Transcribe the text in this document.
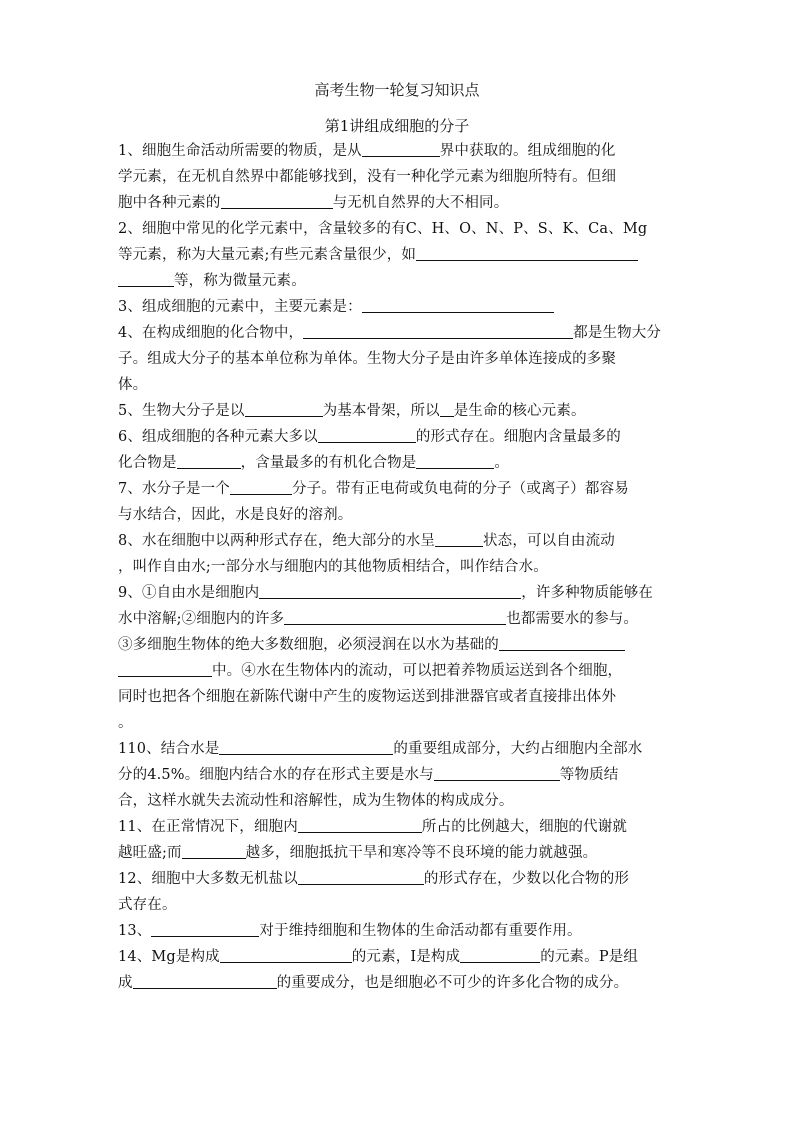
高考生物一轮复习知识点
第1讲组成细胞的分子
1、细胞生命活动所需要的物质，是从	界中获取的。组成细胞的化
学元素，在无机自然界中都能够找到，没有一种化学元素为细胞所特有。但细
胞中各种元素的	与无机自然界的大不相同。
2、细胞中常见的化学元素中，含量较多的有C、H、O、N、P、S、K、Ca、Mg
等元素，称为大量元素;有些元素含量很少，如
等，称为微量元素。
3、组成细胞的元素中，主要元素是：
4、在构成细胞的化合物中，	都是生物大分
子。组成大分子的基本单位称为单体。生物大分子是由许多单体连接成的多聚
体。
5、生物大分子是以	为基本骨架，所以 是生命的核心元素。
6、组成细胞的各种元素大多以	的形式存在。细胞内含量最多的
化合物是	，含量最多的有机化合物是	。
7、水分子是一个	分子。带有正电荷或负电荷的分子（或离子）都容易
与水结合，因此，水是良好的溶剂。
8、水在细胞中以两种形式存在，绝大部分的水呈	状态，可以自由流动
，叫作自由水;一部分水与细胞内的其他物质相结合，叫作结合水。
9、①自由水是细胞内	，许多种物质能够在
水中溶解;②细胞内的许多	也都需要水的参与。
③多细胞生物体的绝大多数细胞，必须浸润在以水为基础的
中。④水在生物体内的流动，可以把着养物质运送到各个细胞，
同时也把各个细胞在新陈代谢中产生的废物运送到排泄器官或者直接排出体外
。
110、结合水是	的重要组成部分，大约占细胞内全部水
分的4.5%。细胞内结合水的存在形式主要是水与	等物质结
合，这样水就失去流动性和溶解性，成为生物体的构成成分。
11、在正常情况下，细胞内	所占的比例越大，细胞的代谢就
越旺盛;而	越多，细胞抵抗干旱和寒冷等不良环境的能力就越强。
12、细胞中大多数无机盐以	的形式存在，少数以化合物的形
式存在。
13、	对于维持细胞和生物体的生命活动都有重要作用。
14、Mg是构成	的元素，I是构成	的元素。P是组
成	的重要成分，也是细胞必不可少的许多化合物的成分。
